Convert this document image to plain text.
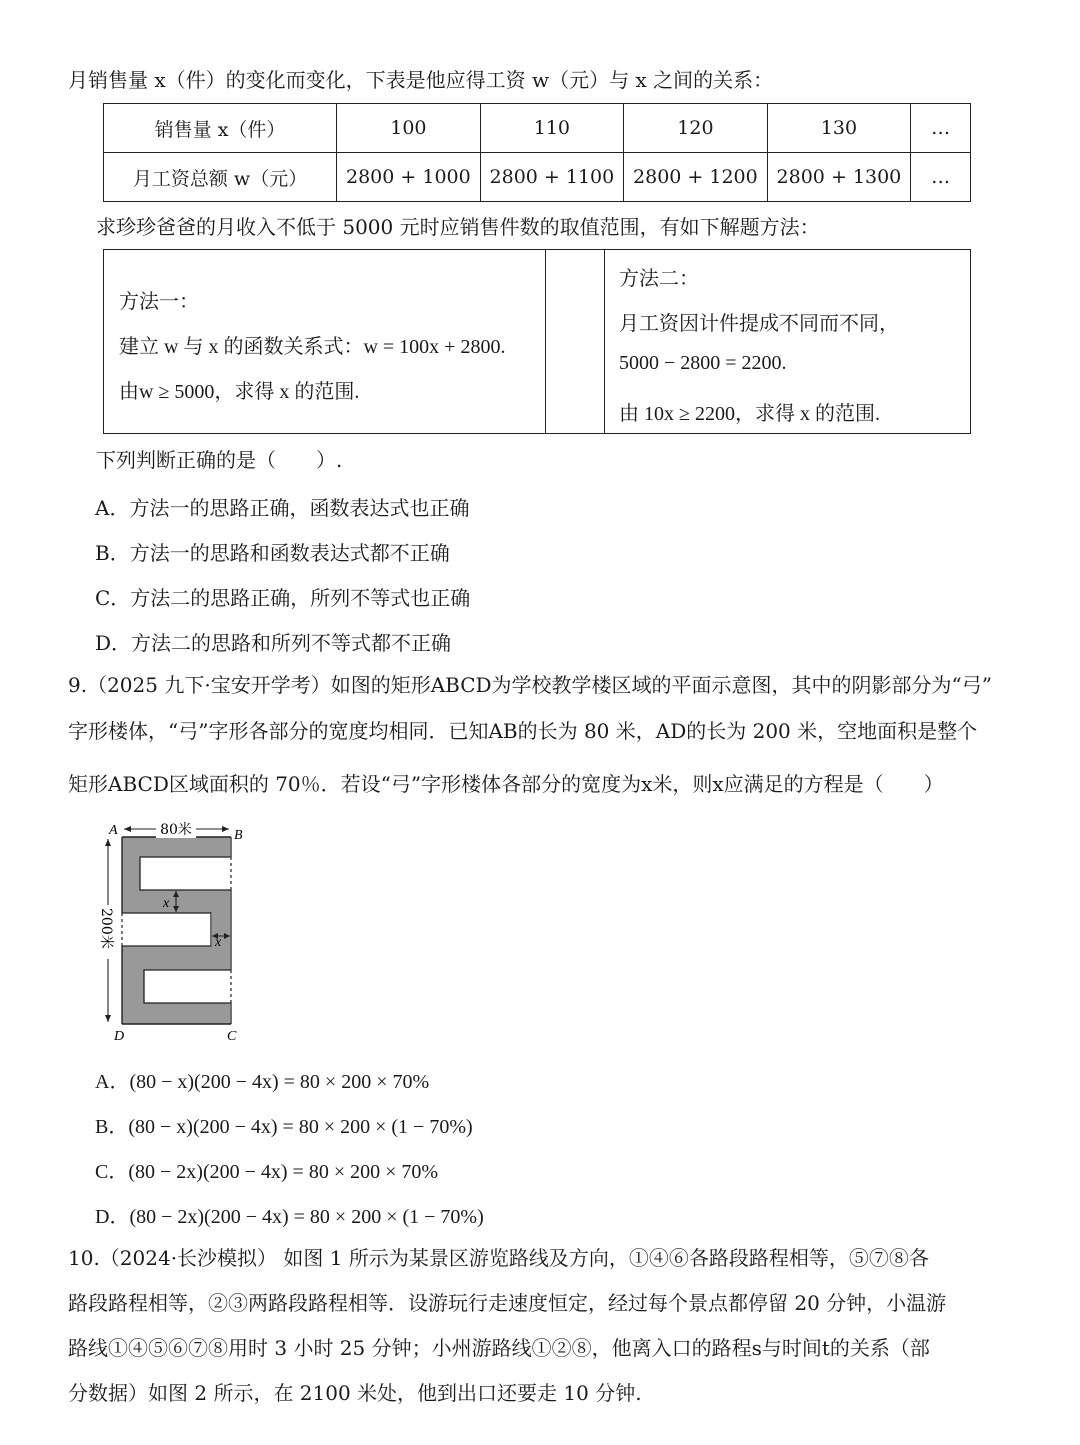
月销售量 x（件）的变化而变化，下表是他应得工资 w（元）与 x 之间的关系：
销售量 x（件）	100	110	120	130	…
月工资总额 w（元）	2800 + 1000	2800 + 1100	2800 + 1200	2800 + 1300	…
求珍珍爸爸的月收入不低于 5000 元时应销售件数的取值范围，有如下解题方法：
方法一：
建立 w 与 x 的函数关系式：w = 100x + 2800.
由w ≥ 5000，求得 x 的范围.
方法二：
月工资因计件提成不同而不同，
5000 − 2800 = 2200.
由 10x ≥ 2200，求得 x 的范围.
下列判断正确的是（　　）.
A．方法一的思路正确，函数表达式也正确
B．方法一的思路和函数表达式都不正确
C．方法二的思路正确，所列不等式也正确
D．方法二的思路和所列不等式都不正确
9.（2025 九下·宝安开学考）如图的矩形ABCD为学校教学楼区域的平面示意图，其中的阴影部分为“弓”
字形楼体，“弓”字形各部分的宽度均相同．已知AB的长为 80 米，AD的长为 200 米，空地面积是整个
矩形ABCD区域面积的 70％．若设“弓”字形楼体各部分的宽度为x米，则x应满足的方程是（　　）
80米
200米
A	B
D	C
x
x
A．(80 − x)(200 − 4x) = 80 × 200 × 70%
B．(80 − x)(200 − 4x) = 80 × 200 × (1 − 70%)
C．(80 − 2x)(200 − 4x) = 80 × 200 × 70%
D．(80 − 2x)(200 − 4x) = 80 × 200 × (1 − 70%)
10.（2024·长沙模拟） 如图 1 所示为某景区游览路线及方向，①④⑥各路段路程相等，⑤⑦⑧各
路段路程相等，②③两路段路程相等．设游玩行走速度恒定，经过每个景点都停留 20 分钟，小温游
路线①④⑤⑥⑦⑧用时 3 小时 25 分钟；小州游路线①②⑧，他离入口的路程s与时间t的关系（部
分数据）如图 2 所示，在 2100 米处，他到出口还要走 10 分钟.
